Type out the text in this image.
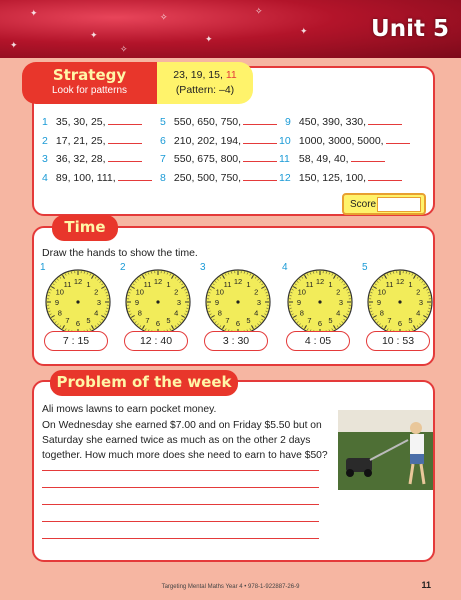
✦
✦
✧
✦
✧
✦
✧
✦
Unit 5
Strategy
Look for patterns
23, 19, 15, 11
(Pattern: –4)
1 35, 30, 25,
2 17, 21, 25,
3 36, 32, 28,
4 89, 100, 111,
5 550, 650, 750,
6 210, 202, 194,
7 550, 675, 800,
8 250, 500, 750,
9 450, 390, 330,
10 1000, 3000, 5000,
11 58, 49, 40,
12 150, 125, 100,
Score
Time
Draw the hands to show the time.
1
1
2
3
4
5
6
7
8
9
10
11 12
2
1
2
3
4
5
6
7
8
9
10
11 12
3
1
2
3
4
5
6
7
8
9
10
11 12
4
1
2
3
4
5
6
7
8
9
10
11 12
5
1
2
3
4
5
6
7
8
9
10
11 12
7 : 15	12 : 40	3 : 30	4 : 05	10 : 53
Problem of the week
Ali mows lawns to earn pocket money.
On Wednesday she earned $7.00 and on Friday $5.50 but on
Saturday she earned twice as much as on the other 2 days
together. How much more does she need to earn to have $50?
Targeting Mental Maths Year 4 • 978-1-922887-26-9	11
